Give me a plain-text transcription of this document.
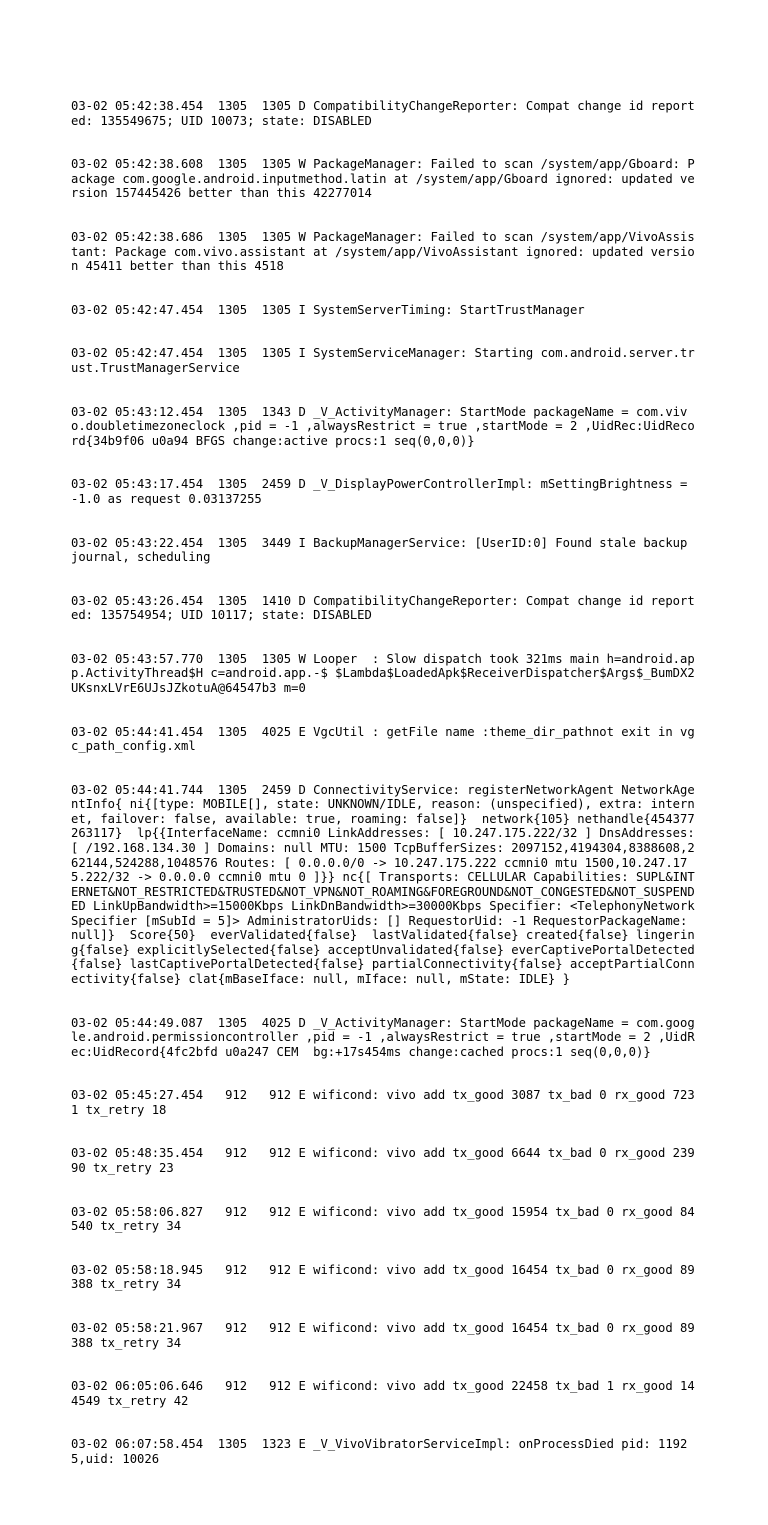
03-02 05:42:38.454  1305  1305 D CompatibilityChangeReporter: Compat change id reported: 135549675; UID 10073; state: DISABLED

03-02 05:42:38.608  1305  1305 W PackageManager: Failed to scan /system/app/Gboard: Package com.google.android.inputmethod.latin at /system/app/Gboard ignored: updated version 157445426 better than this 42277014

03-02 05:42:38.686  1305  1305 W PackageManager: Failed to scan /system/app/VivoAssistant: Package com.vivo.assistant at /system/app/VivoAssistant ignored: updated version 45411 better than this 4518

03-02 05:42:47.454  1305  1305 I SystemServerTiming: StartTrustManager

03-02 05:42:47.454  1305  1305 I SystemServiceManager: Starting com.android.server.trust.TrustManagerService

03-02 05:43:12.454  1305  1343 D _V_ActivityManager: StartMode packageName = com.vivo.doubletimezoneclock ,pid = -1 ,alwaysRestrict = true ,startMode = 2 ,UidRec:UidRecord{34b9f06 u0a94 BFGS change:active procs:1 seq(0,0,0)}

03-02 05:43:17.454  1305  2459 D _V_DisplayPowerControllerImpl: mSettingBrightness = -1.0 as request 0.03137255

03-02 05:43:22.454  1305  3449 I BackupManagerService: [UserID:0] Found stale backup journal, scheduling

03-02 05:43:26.454  1305  1410 D CompatibilityChangeReporter: Compat change id reported: 135754954; UID 10117; state: DISABLED

03-02 05:43:57.770  1305  1305 W Looper  : Slow dispatch took 321ms main h=android.app.ActivityThread$H c=android.app.-$ $Lambda$LoadedApk$ReceiverDispatcher$Args$_BumDX2UKsnxLVrE6UJsJZkotuA@64547b3 m=0

03-02 05:44:41.454  1305  4025 E VgcUtil : getFile name :theme_dir_pathnot exit in vgc_path_config.xml

03-02 05:44:41.744  1305  2459 D ConnectivityService: registerNetworkAgent NetworkAgentInfo{ ni{[type: MOBILE[], state: UNKNOWN/IDLE, reason: (unspecified), extra: internet, failover: false, available: true, roaming: false]}  network{105} nethandle{454377263117}  lp{{InterfaceName: ccmni0 LinkAddresses: [ 10.247.175.222/32 ] DnsAddresses: [ /192.168.134.30 ] Domains: null MTU: 1500 TcpBufferSizes: 2097152,4194304,8388608,262144,524288,1048576 Routes: [ 0.0.0.0/0 -> 10.247.175.222 ccmni0 mtu 1500,10.247.175.222/32 -> 0.0.0.0 ccmni0 mtu 0 ]}} nc{[ Transports: CELLULAR Capabilities: SUPL&INTERNET&NOT_RESTRICTED&TRUSTED&NOT_VPN&NOT_ROAMING&FOREGROUND&NOT_CONGESTED&NOT_SUSPENDED LinkUpBandwidth>=15000Kbps LinkDnBandwidth>=30000Kbps Specifier: <TelephonyNetworkSpecifier [mSubId = 5]> AdministratorUids: [] RequestorUid: -1 RequestorPackageName: null]}  Score{50}  everValidated{false}  lastValidated{false} created{false} lingering{false} explicitlySelected{false} acceptUnvalidated{false} everCaptivePortalDetected{false} lastCaptivePortalDetected{false} partialConnectivity{false} acceptPartialConnectivity{false} clat{mBaseIface: null, mIface: null, mState: IDLE} }

03-02 05:44:49.087  1305  4025 D _V_ActivityManager: StartMode packageName = com.google.android.permissioncontroller ,pid = -1 ,alwaysRestrict = true ,startMode = 2 ,UidRec:UidRecord{4fc2bfd u0a247 CEM  bg:+17s454ms change:cached procs:1 seq(0,0,0)}

03-02 05:45:27.454   912   912 E wificond: vivo add tx_good 3087 tx_bad 0 rx_good 7231 tx_retry 18

03-02 05:48:35.454   912   912 E wificond: vivo add tx_good 6644 tx_bad 0 rx_good 23990 tx_retry 23

03-02 05:58:06.827   912   912 E wificond: vivo add tx_good 15954 tx_bad 0 rx_good 84540 tx_retry 34

03-02 05:58:18.945   912   912 E wificond: vivo add tx_good 16454 tx_bad 0 rx_good 89388 tx_retry 34

03-02 05:58:21.967   912   912 E wificond: vivo add tx_good 16454 tx_bad 0 rx_good 89388 tx_retry 34

03-02 06:05:06.646   912   912 E wificond: vivo add tx_good 22458 tx_bad 1 rx_good 144549 tx_retry 42

03-02 06:07:58.454  1305  1323 E _V_VivoVibratorServiceImpl: onProcessDied pid: 11925,uid: 10026
